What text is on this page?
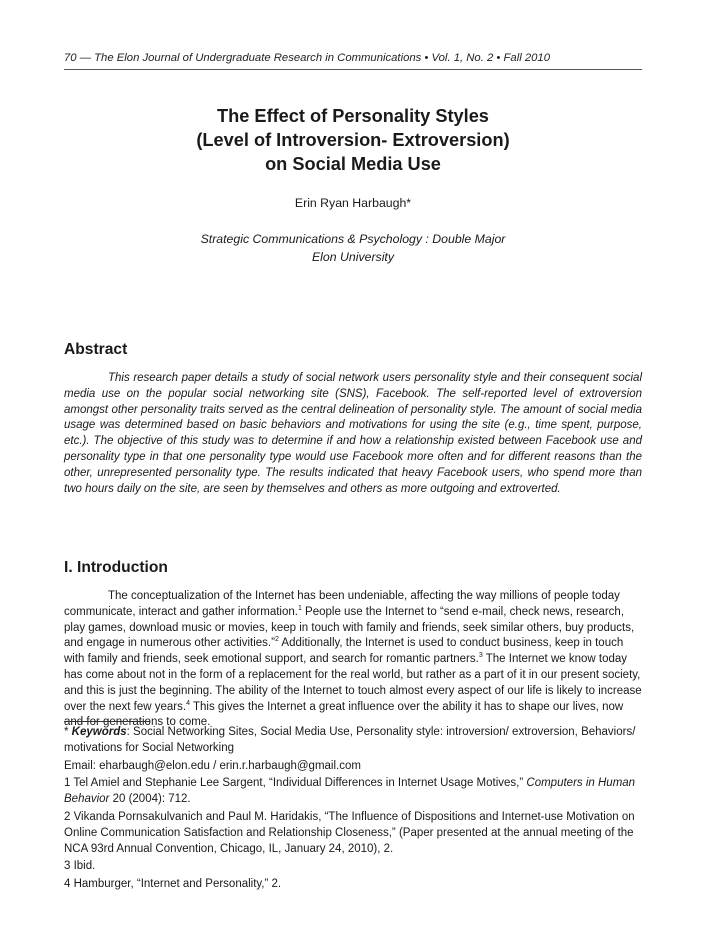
70 — The Elon Journal of Undergraduate Research in Communications • Vol. 1, No. 2 • Fall 2010
The Effect of Personality Styles
(Level of Introversion- Extroversion)
on Social Media Use
Erin Ryan Harbaugh*
Strategic Communications & Psychology : Double Major
Elon University
Abstract
This research paper details a study of social network users personality style and their consequent social media use on the popular social networking site (SNS), Facebook. The self-reported level of extroversion amongst other personality traits served as the central delineation of personality style. The amount of social media usage was determined based on basic behaviors and motivations for using the site (e.g., time spent, purpose, etc.). The objective of this study was to determine if and how a relationship existed between Facebook use and personality type in that one personality type would use Facebook more often and for different reasons than the other, unrepresented personality type. The results indicated that heavy Facebook users, who spend more than two hours daily on the site, are seen by themselves and others as more outgoing and extroverted.
I. Introduction
The conceptualization of the Internet has been undeniable, affecting the way millions of people today communicate, interact and gather information.$^1$ People use the Internet to “send e-mail, check news, research, play games, download music or movies, keep in touch with family and friends, seek similar others, buy products, and engage in numerous other activities.”$^2$ Additionally, the Internet is used to conduct business, keep in touch with family and friends, seek emotional support, and search for romantic partners.$^3$ The Internet we know today has come about not in the form of a replacement for the real world, but rather as a part of it in our present society, and this is just the beginning. The ability of the Internet to touch almost every aspect of our life is likely to increase over the next few years.$^4$ This gives the Internet a great influence over the ability it has to shape our lives, now and for generations to come.
* Keywords: Social Networking Sites, Social Media Use, Personality style: introversion/ extroversion, Behaviors/ motivations for Social Networking
Email: eharbaugh@elon.edu / erin.r.harbaugh@gmail.com
1 Tel Amiel and Stephanie Lee Sargent, “Individual Differences in Internet Usage Motives,” Computers in Human Behavior 20 (2004): 712.
2 Vikanda Pornsakulvanich and Paul M. Haridakis, “The Influence of Dispositions and Internet-use Motivation on Online Communication Satisfaction and Relationship Closeness,” (Paper presented at the annual meeting of the NCA 93rd Annual Convention, Chicago, IL, January 24, 2010), 2.
3 Ibid.
4 Hamburger, “Internet and Personality,” 2.
